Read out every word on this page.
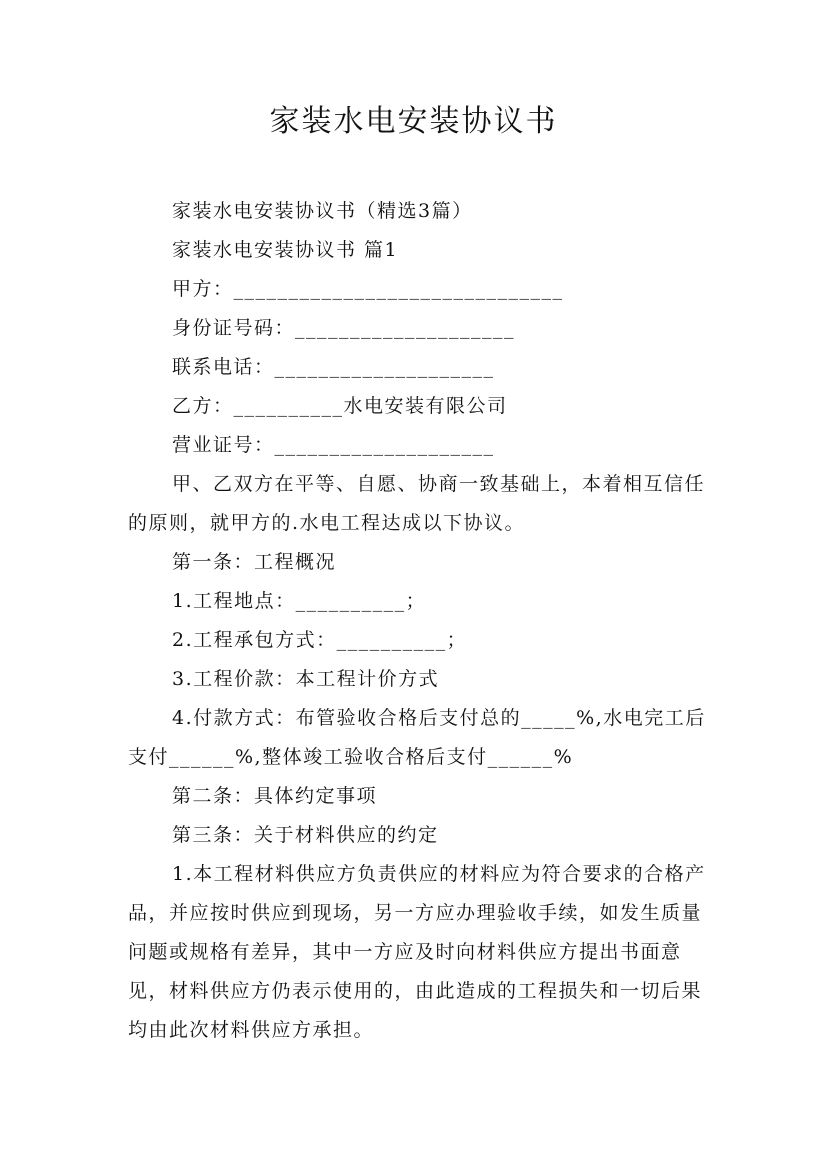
家装水电安装协议书

家装水电安装协议书（精选3篇）

家装水电安装协议书 篇1

甲方：______________________________

身份证号码：____________________

联系电话：____________________

乙方：__________水电安装有限公司

营业证号：____________________

甲、乙双方在平等、自愿、协商一致基础上，本着相互信任的原则，就甲方的.水电工程达成以下协议。

第一条：工程概况

1.工程地点：__________；

2.工程承包方式：__________；

3.工程价款：本工程计价方式

4.付款方式：布管验收合格后支付总的_____%,水电完工后支付______%,整体竣工验收合格后支付______%

第二条：具体约定事项

第三条：关于材料供应的约定

1.本工程材料供应方负责供应的材料应为符合要求的合格产品，并应按时供应到现场，另一方应办理验收手续，如发生质量问题或规格有差异，其中一方应及时向材料供应方提出书面意见，材料供应方仍表示使用的，由此造成的工程损失和一切后果均由此次材料供应方承担。
